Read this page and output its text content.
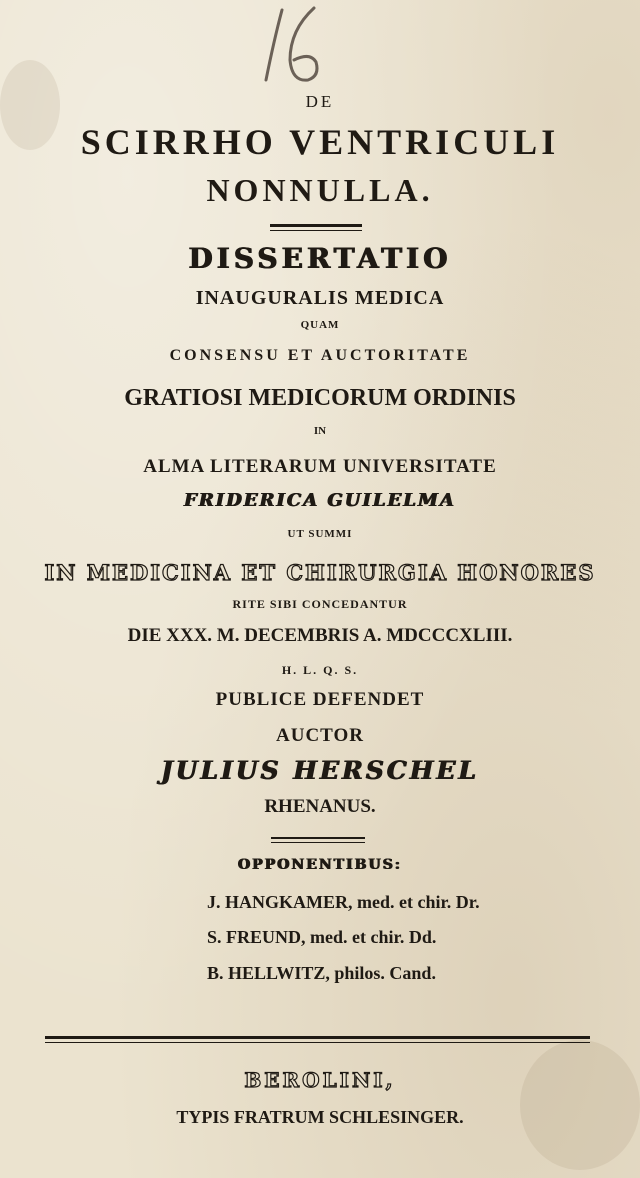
DE
SCIRRHO VENTRICULI
NONNULLA.
DISSERTATIO
INAUGURALIS MEDICA
QUAM
CONSENSU ET AUCTORITATE
GRATIOSI MEDICORUM ORDINIS
IN
ALMA LITERARUM UNIVERSITATE
FRIDERICA GUILELMA
UT SUMMI
IN MEDICINA ET CHIRURGIA HONORES
RITE SIBI CONCEDANTUR
DIE XXX. M. DECEMBRIS A. MDCCCXLIII.
H. L. Q. S.
PUBLICE DEFENDET
AUCTOR
JULIUS HERSCHEL
RHENANUS.
OPPONENTIBUS:
J. HANGKAMER, med. et chir. Dr.
S. FREUND, med. et chir. Dd.
B. HELLWITZ, philos. Cand.
BEROLINI,
TYPIS FRATRUM SCHLESINGER.
